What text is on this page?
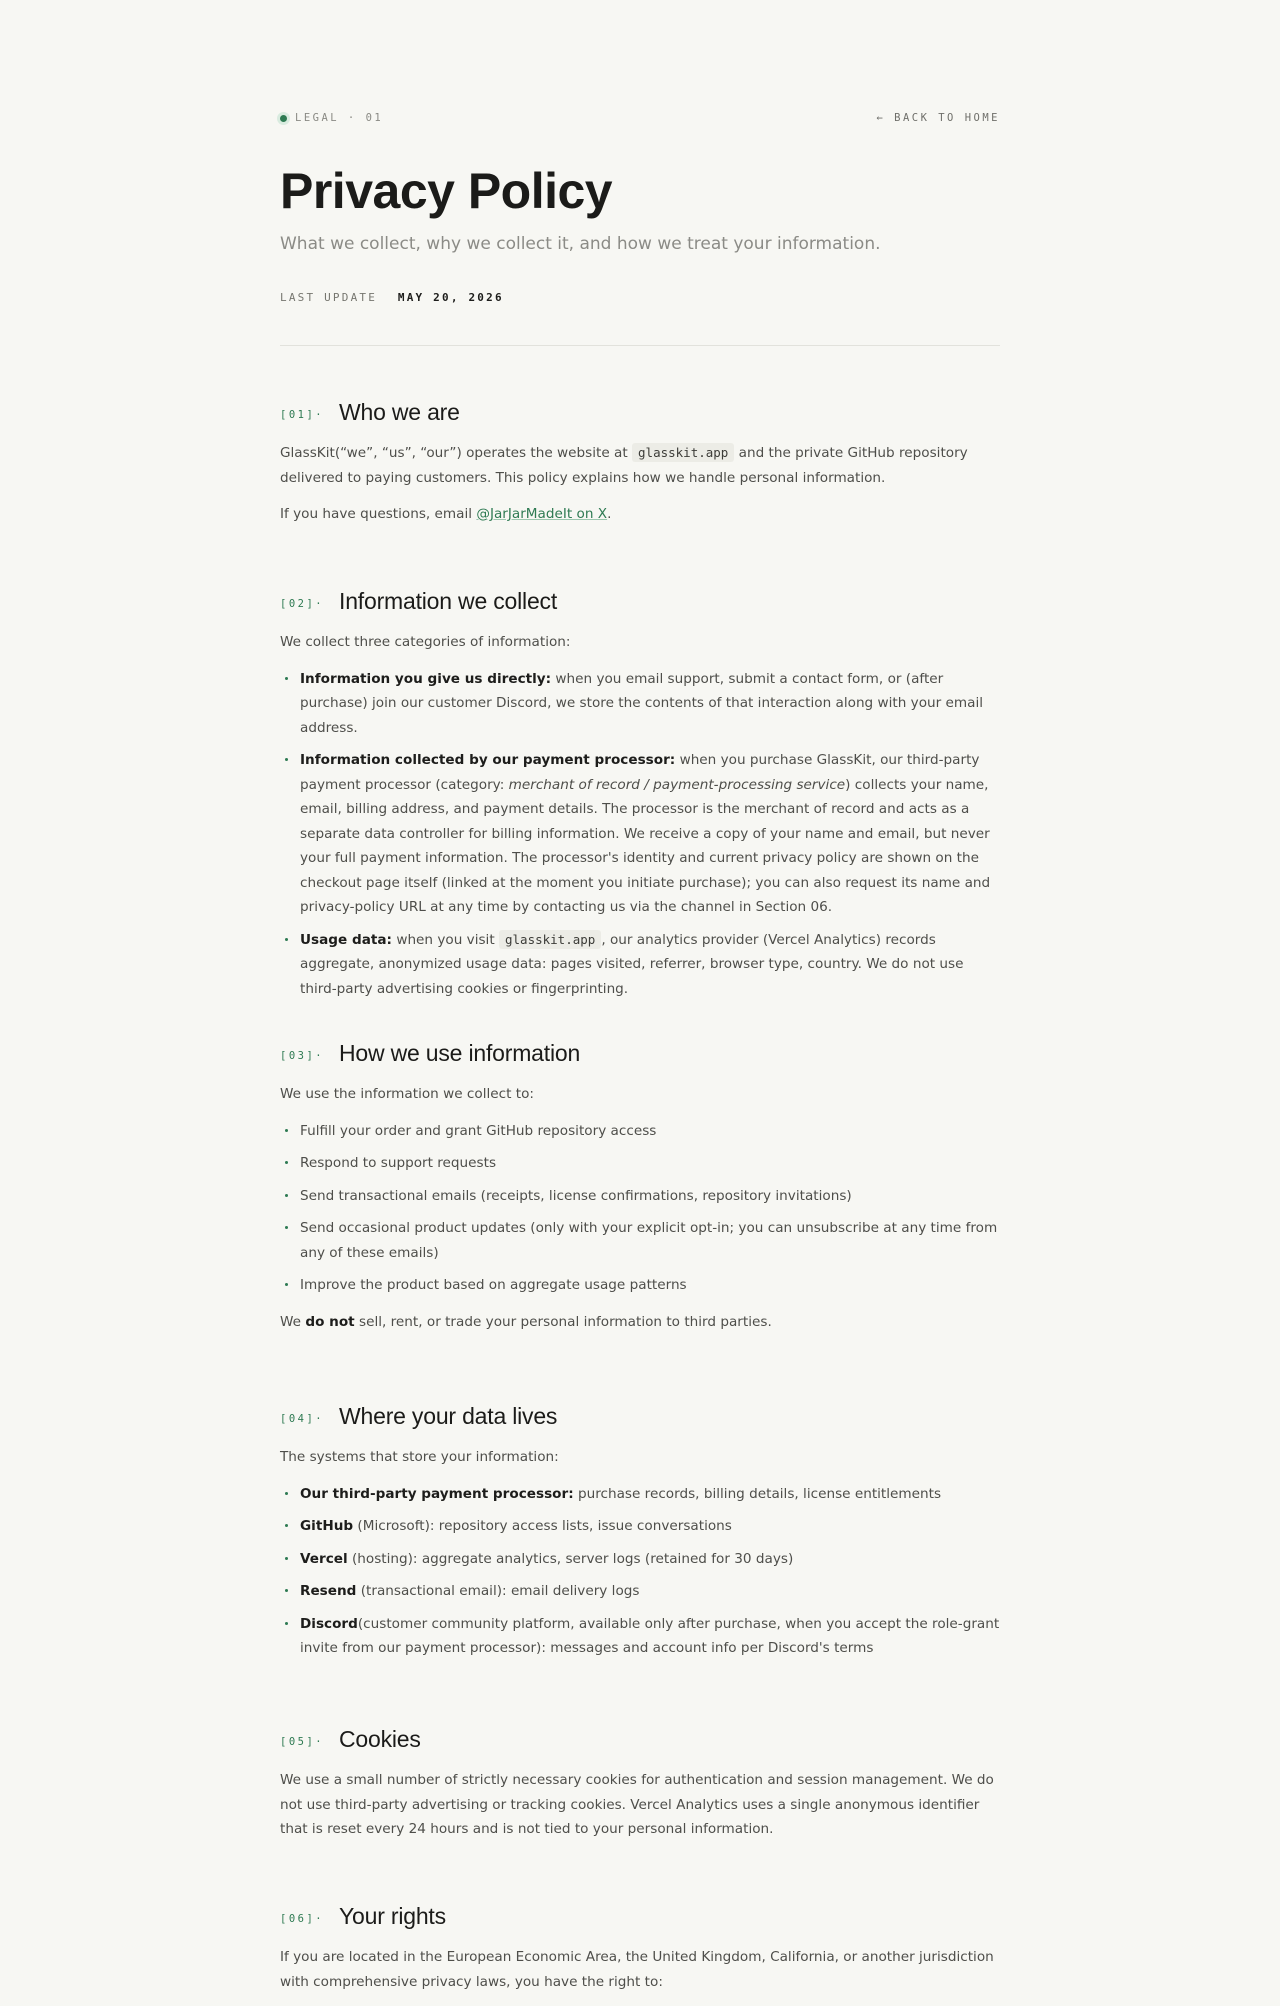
LEGAL · 01	← BACK TO HOME
Privacy Policy

What we collect, why we collect it, and how we treat your information.

LAST UPDATE MAY 20, 2026
[01]· Who we are

GlassKit(“we”, “us”, “our”) operates the website at glasskit.app and the private GitHub repository delivered to paying customers. This policy explains how we handle personal information.

If you have questions, email @JarJarMadeIt on X.

[02]· Information we collect

We collect three categories of information:

Information you give us directly: when you email support, submit a contact form, or (after purchase) join our customer Discord, we store the contents of that interaction along with your email address.
Information collected by our payment processor: when you purchase GlassKit, our third-party payment processor (category: merchant of record / payment-processing service) collects your name, email, billing address, and payment details. The processor is the merchant of record and acts as a separate data controller for billing information. We receive a copy of your name and email, but never your full payment information. The processor's identity and current privacy policy are shown on the checkout page itself (linked at the moment you initiate purchase); you can also request its name and privacy-policy URL at any time by contacting us via the channel in Section 06.
Usage data: when you visit glasskit.app , our analytics provider (Vercel Analytics) records aggregate, anonymized usage data: pages visited, referrer, browser type, country. We do not use third-party advertising cookies or fingerprinting.
[03]· How we use information

We use the information we collect to:

Fulfill your order and grant GitHub repository access
Respond to support requests
Send transactional emails (receipts, license confirmations, repository invitations)
Send occasional product updates (only with your explicit opt-in; you can unsubscribe at any time from any of these emails)
Improve the product based on aggregate usage patterns

We do not sell, rent, or trade your personal information to third parties.

[04]· Where your data lives

The systems that store your information:

Our third-party payment processor: purchase records, billing details, license entitlements
GitHub (Microsoft): repository access lists, issue conversations
Vercel (hosting): aggregate analytics, server logs (retained for 30 days)
Resend (transactional email): email delivery logs
Discord(customer community platform, available only after purchase, when you accept the role-grant invite from our payment processor): messages and account info per Discord's terms
[05]· Cookies

We use a small number of strictly necessary cookies for authentication and session management. We do not use third-party advertising or tracking cookies. Vercel Analytics uses a single anonymous identifier that is reset every 24 hours and is not tied to your personal information.

[06]· Your rights

If you are located in the European Economic Area, the United Kingdom, California, or another jurisdiction with comprehensive privacy laws, you have the right to:
